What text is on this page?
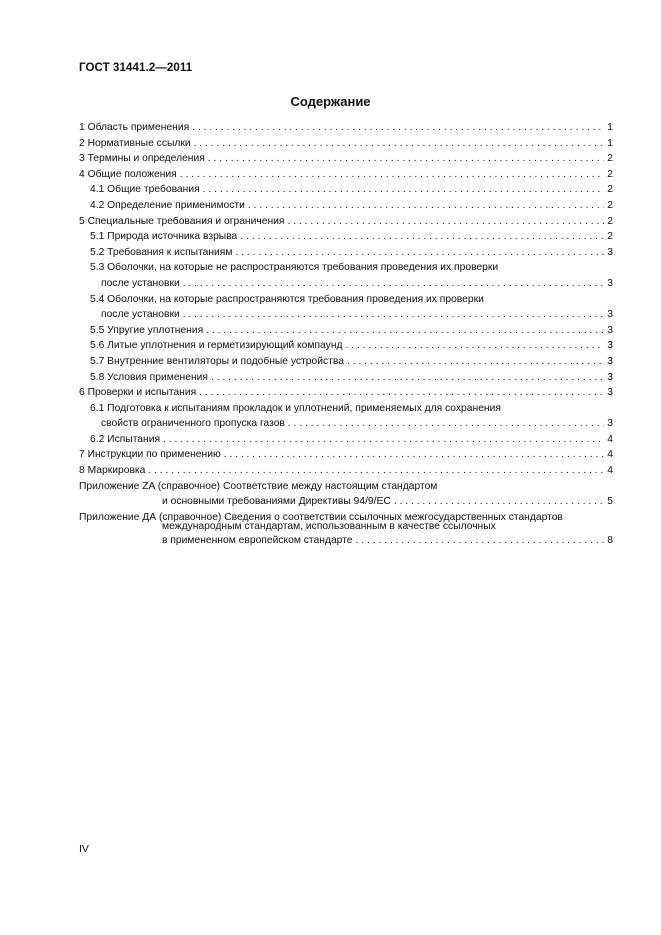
ГОСТ 31441.2—2011
Содержание
1 Область применения . . .	1
2 Нормативные ссылки . . .	1
3 Термины и определения . . .	2
4 Общие положения . . .	2
4.1 Общие требования . . .	2
4.2 Определение применимости . . .	2
5 Специальные требования и ограничения . . .	2
5.1 Природа источника взрыва . . .	2
5.2 Требования к испытаниям . . .	3
5.3 Оболочки, на которые не распространяются требования проведения их проверки
после установки . . .	3
5.4 Оболочки, на которые распространяются требования проведения их проверки
после установки . . .	3
5.5 Упругие уплотнения . . .	3
5.6 Литые уплотнения и герметизирующий компаунд . . .	3
5.7 Внутренние вентиляторы и подобные устройства . . .	3
5.8 Условия применения . . .	3
6 Проверки и испытания . . .	3
6.1 Подготовка к испытаниям прокладок и уплотнений, применяемых для сохранения
свойств ограниченного пропуска газов . . .	3
6.2 Испытания . . .	4
7 Инструкции по применению . . .	4
8 Маркировка . . .	4
Приложение ZA (справочное) Соответствие между настоящим стандартом
и основными требованиями Директивы 94/9/EC . . .	5
Приложение ДА (справочное) Сведения о соответствии ссылочных межгосударственных стандартов
международным стандартам, использованным в качестве ссылочных
в примененном европейском стандарте . . .	8
IV
